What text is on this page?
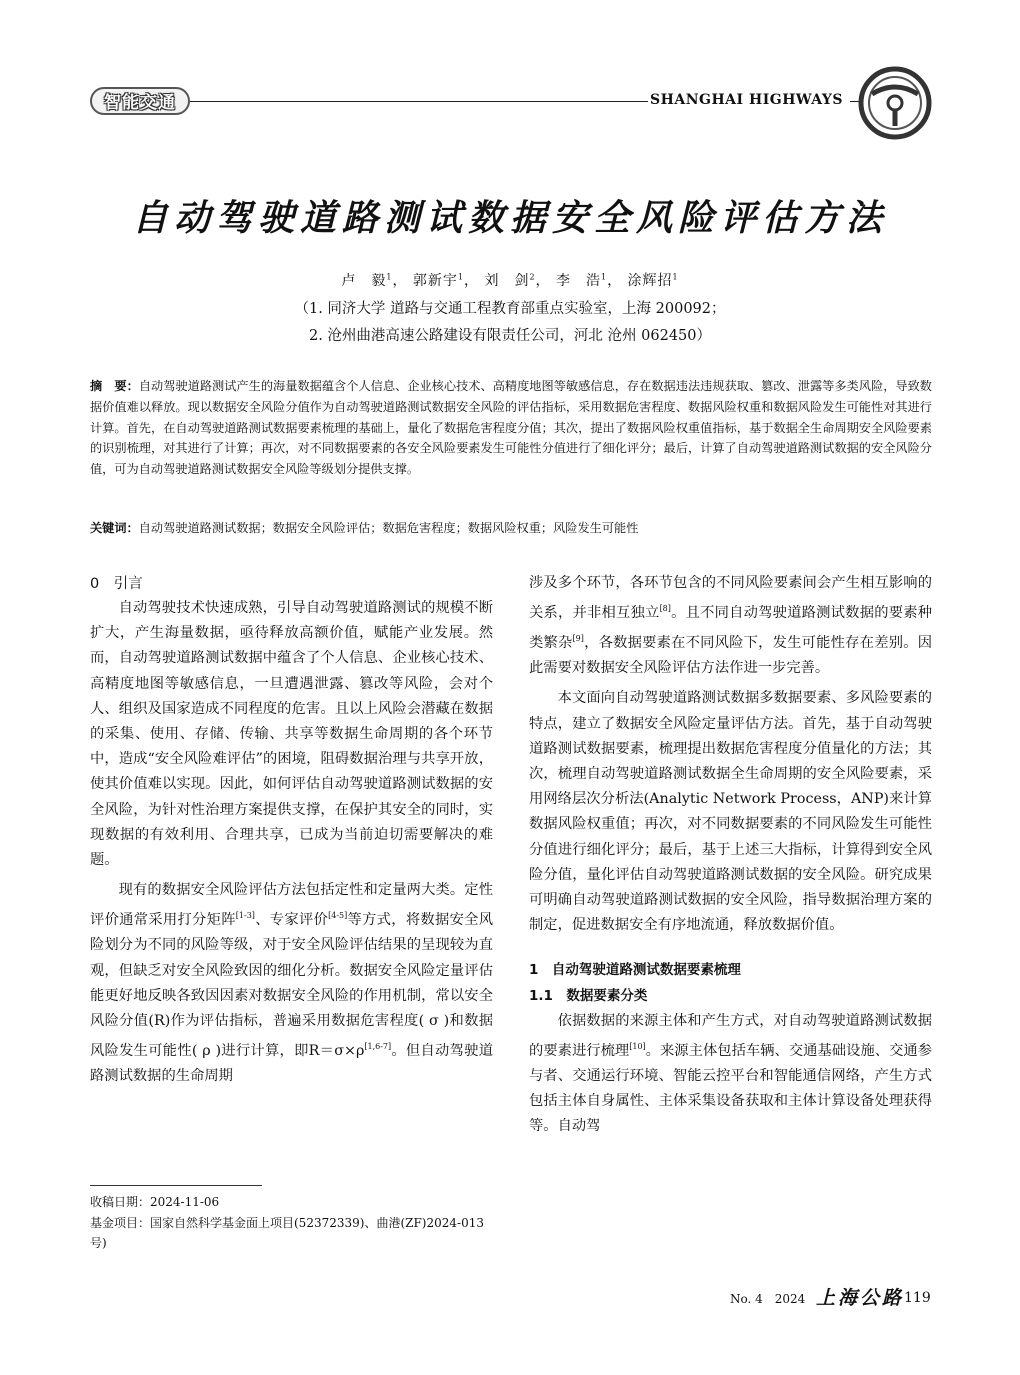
智能交通	SHANGHAI HIGHWAYS
自动驾驶道路测试数据安全风险评估方法
卢　毅$^1$， 郭新宇$^1$， 刘　剑$^2$， 李　浩$^1$， 涂辉招$^1$
（1. 同济大学 道路与交通工程教育部重点实验室，上海 200092；
2. 沧州曲港高速公路建设有限责任公司，河北 沧州 062450）
摘　要：自动驾驶道路测试产生的海量数据蕴含个人信息、企业核心技术、高精度地图等敏感信息，存在数据违法违规获取、篡改、泄露等多类风险，导致数据价值难以释放。现以数据安全风险分值作为自动驾驶道路测试数据安全风险的评估指标，采用数据危害程度、数据风险权重和数据风险发生可能性对其进行计算。首先，在自动驾驶道路测试数据要素梳理的基础上，量化了数据危害程度分值；其次，提出了数据风险权重值指标，基于数据全生命周期安全风险要素的识别梳理，对其进行了计算；再次，对不同数据要素的各安全风险要素发生可能性分值进行了细化评分；最后，计算了自动驾驶道路测试数据的安全风险分值，可为自动驾驶道路测试数据安全风险等级划分提供支撑。
关键词：自动驾驶道路测试数据；数据安全风险评估；数据危害程度；数据风险权重；风险发生可能性
0　引言

自动驾驶技术快速成熟，引导自动驾驶道路测试的规模不断扩大，产生海量数据，亟待释放高额价值，赋能产业发展。然而，自动驾驶道路测试数据中蕴含了个人信息、企业核心技术、高精度地图等敏感信息，一旦遭遇泄露、篡改等风险，会对个人、组织及国家造成不同程度的危害。且以上风险会潜藏在数据的采集、使用、存储、传输、共享等数据生命周期的各个环节中，造成“安全风险难评估”的困境，阻碍数据治理与共享开放，使其价值难以实现。因此，如何评估自动驾驶道路测试数据的安全风险，为针对性治理方案提供支撑，在保护其安全的同时，实现数据的有效利用、合理共享，已成为当前迫切需要解决的难题。

现有的数据安全风险评估方法包括定性和定量两大类。定性评价通常采用打分矩阵[1-3]、专家评价[4-5]等方式，将数据安全风险划分为不同的风险等级，对于安全风险评估结果的呈现较为直观，但缺乏对安全风险致因的细化分析。数据安全风险定量评估能更好地反映各致因因素对数据安全风险的作用机制，常以安全风险分值(R)作为评估指标，普遍采用数据危害程度( σ )和数据风险发生可能性( ρ )进行计算，即R＝σ×ρ[1,6-7]。但自动驾驶道路测试数据的生命周期

收稿日期：2024-11-06
基金项目：国家自然科学基金面上项目(52372339)、曲港(ZF)2024-013号)

涉及多个环节，各环节包含的不同风险要素间会产生相互影响的关系，并非相互独立[8]。且不同自动驾驶道路测试数据的要素种类繁杂[9]，各数据要素在不同风险下，发生可能性存在差别。因此需要对数据安全风险评估方法作进一步完善。

本文面向自动驾驶道路测试数据多数据要素、多风险要素的特点，建立了数据安全风险定量评估方法。首先，基于自动驾驶道路测试数据要素，梳理提出数据危害程度分值量化的方法；其次，梳理自动驾驶道路测试数据全生命周期的安全风险要素，采用网络层次分析法(Analytic Network Process，ANP)来计算数据风险权重值；再次，对不同数据要素的不同风险发生可能性分值进行细化评分；最后，基于上述三大指标，计算得到安全风险分值，量化评估自动驾驶道路测试数据的安全风险。研究成果可明确自动驾驶道路测试数据的安全风险，指导数据治理方案的制定，促进数据安全有序地流通，释放数据价值。

1　自动驾驶道路测试数据要素梳理
1.1　数据要素分类

依据数据的来源主体和产生方式，对自动驾驶道路测试数据的要素进行梳理[10]。来源主体包括车辆、交通基础设施、交通参与者、交通运行环境、智能云控平台和智能通信网络，产生方式包括主体自身属性、主体采集设备获取和主体计算设备处理获得等。自动驾

No. 4　2024 上海公路 119
